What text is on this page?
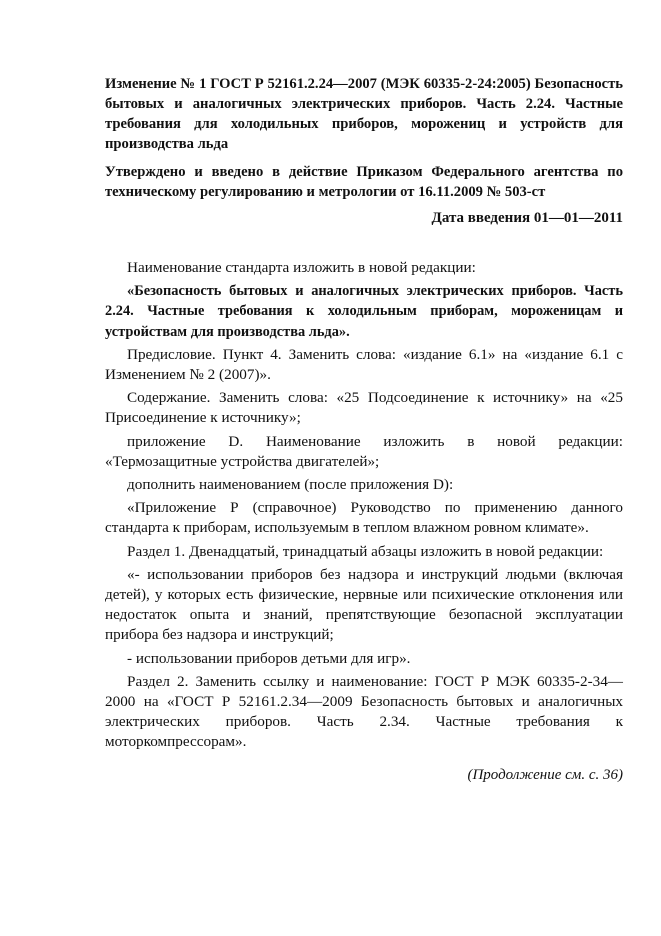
Изменение № 1 ГОСТ Р 52161.2.24—2007 (МЭК 60335-2-24:2005) Безопасность бытовых и аналогичных электрических приборов. Часть 2.24. Частные требования для холодильных приборов, морожениц и устройств для производства льда

Утверждено и введено в действие Приказом Федерального агентства по техническому регулированию и метрологии от 16.11.2009 № 503-ст

Дата введения 01—01—2011

Наименование стандарта изложить в новой редакции:

«Безопасность бытовых и аналогичных электрических приборов. Часть 2.24. Частные требования к холодильным приборам, мороженицам и устройствам для производства льда».

Предисловие. Пункт 4. Заменить слова: «издание 6.1» на «издание 6.1 с Изменением № 2 (2007)».

Содержание. Заменить слова: «25 Подсоединение к источнику» на «25 Присоединение к источнику»;

приложение D. Наименование изложить в новой редакции: «Термозащитные устройства двигателей»;

дополнить наименованием (после приложения D):

«Приложение Р (справочное) Руководство по применению данного стандарта к приборам, используемым в теплом влажном ровном климате».

Раздел 1. Двенадцатый, тринадцатый абзацы изложить в новой редакции:

«- использовании приборов без надзора и инструкций людьми (включая детей), у которых есть физические, нервные или психические отклонения или недостаток опыта и знаний, препятствующие безопасной эксплуатации прибора без надзора и инструкций;

- использовании приборов детьми для игр».

Раздел 2. Заменить ссылку и наименование: ГОСТ Р МЭК 60335-2-34—2000 на «ГОСТ Р 52161.2.34—2009 Безопасность бытовых и аналогичных электрических приборов. Часть 2.34. Частные требования к моторкомпрессорам».

(Продолжение см. с. 36)
